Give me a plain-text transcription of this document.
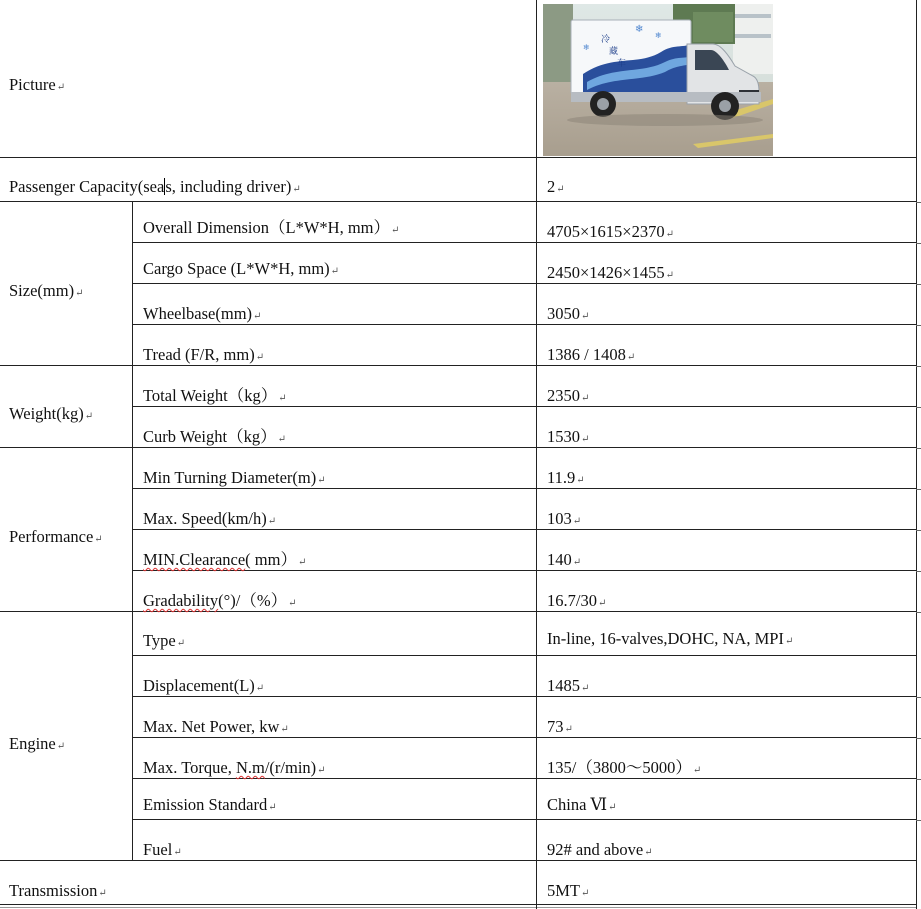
Picture↵
冷
藏
车
❄
❄
❄
Passenger Capacity(seas, including driver)↵	2↵
Size(mm)↵
Overall Dimension（L*W*H, mm）↵	4705×1615×2370↵
Cargo Space (L*W*H, mm)↵	2450×1426×1455↵
Wheelbase(mm)↵	3050↵
Tread (F/R, mm)↵	1386 / 1408↵
Weight(kg)↵
Total Weight（kg）↵	2350↵
Curb Weight（kg）↵	1530↵
Performance↵
Min Turning Diameter(m)↵	11.9↵
Max. Speed(km/h)↵	103↵
MIN.Clearance( mm）↵	140↵
Gradability(°)/（%）↵	16.7/30↵
Engine↵
Type↵	In-line, 16-valves,DOHC, NA, MPI↵
Displacement(L)↵	1485↵
Max. Net Power, kw↵	73↵
Max. Torque, N.m/(r/min)↵	135/（3800～5000）↵
Emission Standard↵	China Ⅵ↵
Fuel↵	92# and above↵
Transmission↵	5MT↵
